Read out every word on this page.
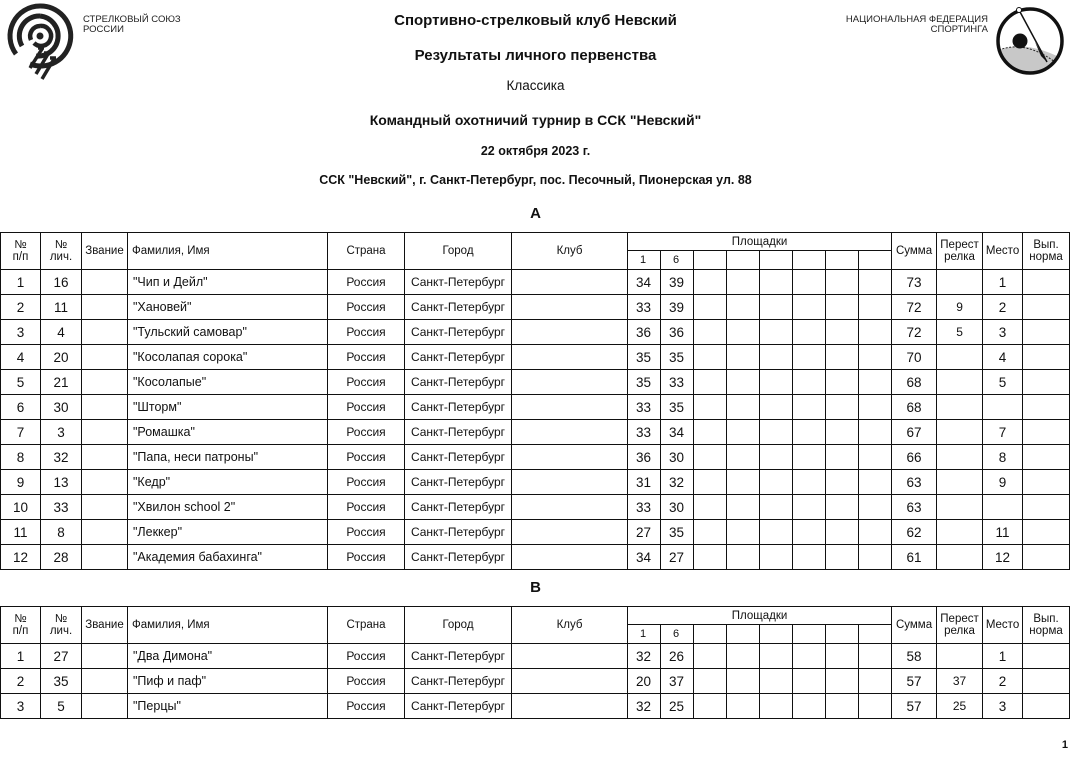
СТРЕЛКОВЫЙ СОЮЗ
РОССИИ
НАЦИОНАЛЬНАЯ ФЕДЕРАЦИЯ
СПОРТИНГА
Спортивно-стрелковый клуб Невский
Результаты личного первенства
Классика
Командный охотничий турнир в ССК "Невский"
22 октября 2023 г.
ССК "Невский", г. Санкт-Петербург, пос. Песочный, Пионерская ул. 88
А
№
п/п

№
лич.	Звание	Фамилия, Имя	Страна	Город	Клуб	Площадки	Сумма	Перест
релка	Место	Вып.
норма

							1	6										
1	16		"Чип и Дейл"	Россия	Санкт-Петербург		34	39							73		1	
2	11		"Хановей"	Россия	Санкт-Петербург		33	39							72	9	2	
3	4		"Тульский самовар"	Россия	Санкт-Петербург		36	36							72	5	3	
4	20		"Косолапая сорока"	Россия	Санкт-Петербург		35	35							70		4	
5	21		"Косолапые"	Россия	Санкт-Петербург		35	33							68		5	
6	30		"Шторм"	Россия	Санкт-Петербург		33	35							68			
7	3		"Ромашка"	Россия	Санкт-Петербург		33	34							67		7	
8	32		"Папа, неси патроны"	Россия	Санкт-Петербург		36	30							66		8	
9	13		"Кедр"	Россия	Санкт-Петербург		31	32							63		9	
10	33		"Хвилон school 2"	Россия	Санкт-Петербург		33	30							63			
11	8		"Леккер"	Россия	Санкт-Петербург		27	35							62		11	
12	28		"Академия бабахинга"	Россия	Санкт-Петербург		34	27							61		12	
В
№
п/п

№
лич.	Звание	Фамилия, Имя	Страна	Город	Клуб	Площадки	Сумма	Перест
релка	Место	Вып.
норма

							1	6										
1	27		"Два Димона"	Россия	Санкт-Петербург		32	26							58		1	
2	35		"Пиф и паф"	Россия	Санкт-Петербург		20	37							57	37	2	
3	5		"Перцы"	Россия	Санкт-Петербург		32	25							57	25	3	
1
